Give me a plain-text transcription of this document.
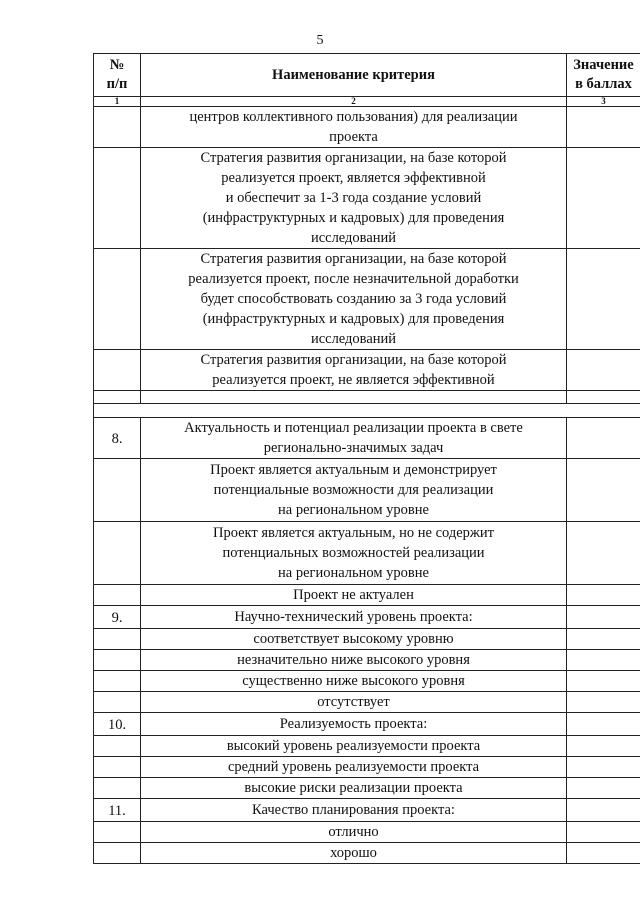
5
№
п/п	Наименование критерия	Значение
в баллах
1	2	3
	центров коллективного пользования) для реализации
проекта	
	Стратегия развития организации, на базе которой
реализуется проект, является эффективной
и обеспечит за 1-3 года создание условий
(инфраструктурных и кадровых) для проведения
исследований	
	Стратегия развития организации, на базе которой
реализуется проект, после незначительной доработки
будет способствовать созданию за 3 года условий
(инфраструктурных и кадровых) для проведения
исследований	
	Стратегия развития организации, на базе которой
реализуется проект, не является эффективной	

8.	Актуальность и потенциал реализации проекта в свете
регионально-значимых задач	
	Проект является актуальным и демонстрирует
потенциальные возможности для реализации
на региональном уровне	
	Проект является актуальным, но не содержит
потенциальных возможностей реализации
на региональном уровне	
	Проект не актуален	
9.	Научно-технический уровень проекта:	
	соответствует высокому уровню	
	незначительно ниже высокого уровня	
	существенно ниже высокого уровня	
	отсутствует	
10.	Реализуемость проекта:	
	высокий уровень реализуемости проекта	
	средний уровень реализуемости проекта	
	высокие риски реализации проекта	
11.	Качество планирования проекта:	
	отлично	
	хорошо	
